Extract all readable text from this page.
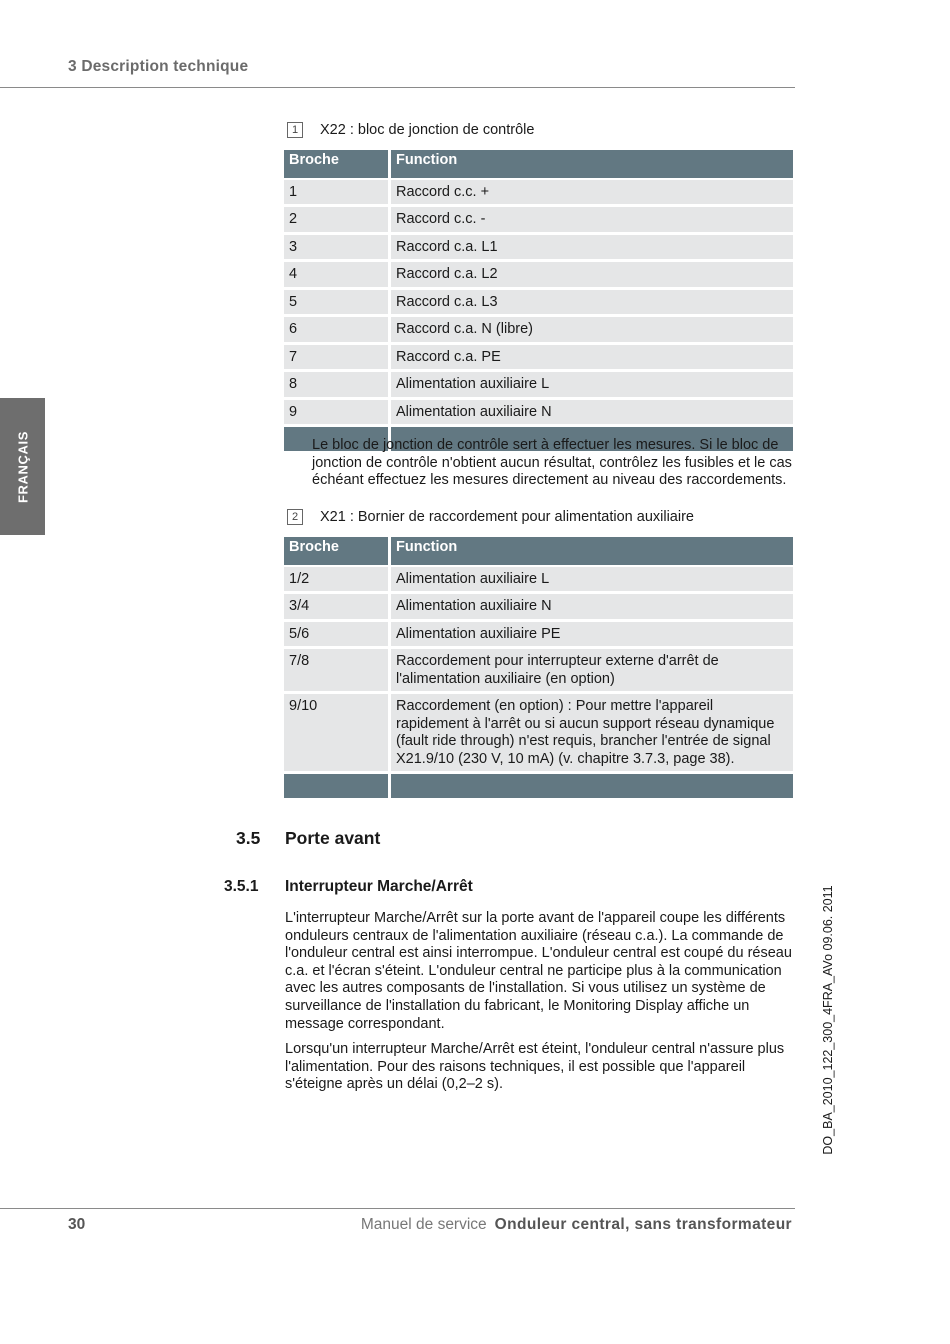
3 Description technique
FRANÇAIS
DO_BA_2010_122_300_4FRA_AVo 09.06. 2011
1	X22 : bloc de jonction de contrôle
Broche	Function
1	Raccord c.c. +
2	Raccord c.c. -
3	Raccord c.a. L1
4	Raccord c.a. L2
5	Raccord c.a. L3
6	Raccord c.a. N (libre)
7	Raccord c.a. PE
8	Alimentation auxiliaire L
9	Alimentation auxiliaire N

Le bloc de jonction de contrôle sert à effectuer les mesures. Si le bloc de jonction de contrôle n'obtient aucun résultat, contrôlez les fusibles et le cas échéant effectuez les mesures directement au niveau des raccordements.
2	X21 : Bornier de raccordement pour alimentation auxiliaire
Broche	Function
1/2	Alimentation auxiliaire L
3/4	Alimentation auxiliaire N
5/6	Alimentation auxiliaire PE
7/8	Raccordement pour interrupteur externe d'arrêt de l'alimentation auxiliaire (en option)
9/10	Raccordement (en option) : Pour mettre l'appareil rapidement à l'arrêt ou si aucun support réseau dynamique (fault ride through) n'est requis, brancher l'entrée de signal X21.9/10 (230 V, 10 mA) (v. chapitre 3.7.3, page 38).

3.5 Porte avant
3.5.1 Interrupteur Marche/Arrêt
L'interrupteur Marche/Arrêt sur la porte avant de l'appareil coupe les différents onduleurs centraux de l'alimentation auxiliaire (réseau c.a.). La commande de l'onduleur central est ainsi interrompue. L'onduleur central est coupé du réseau c.a. et l'écran s'éteint. L'onduleur central ne participe plus à la communication avec les autres composants de l'installation. Si vous utilisez un système de surveillance de l'installation du fabricant, le Monitoring Display affiche un message correspondant.
Lorsqu'un interrupteur Marche/Arrêt est éteint, l'onduleur central n'assure plus l'alimentation. Pour des raisons techniques, il est possible que l'appareil s'éteigne après un délai (0,2–2 s).
30	Manuel de service Onduleur central, sans transformateur
